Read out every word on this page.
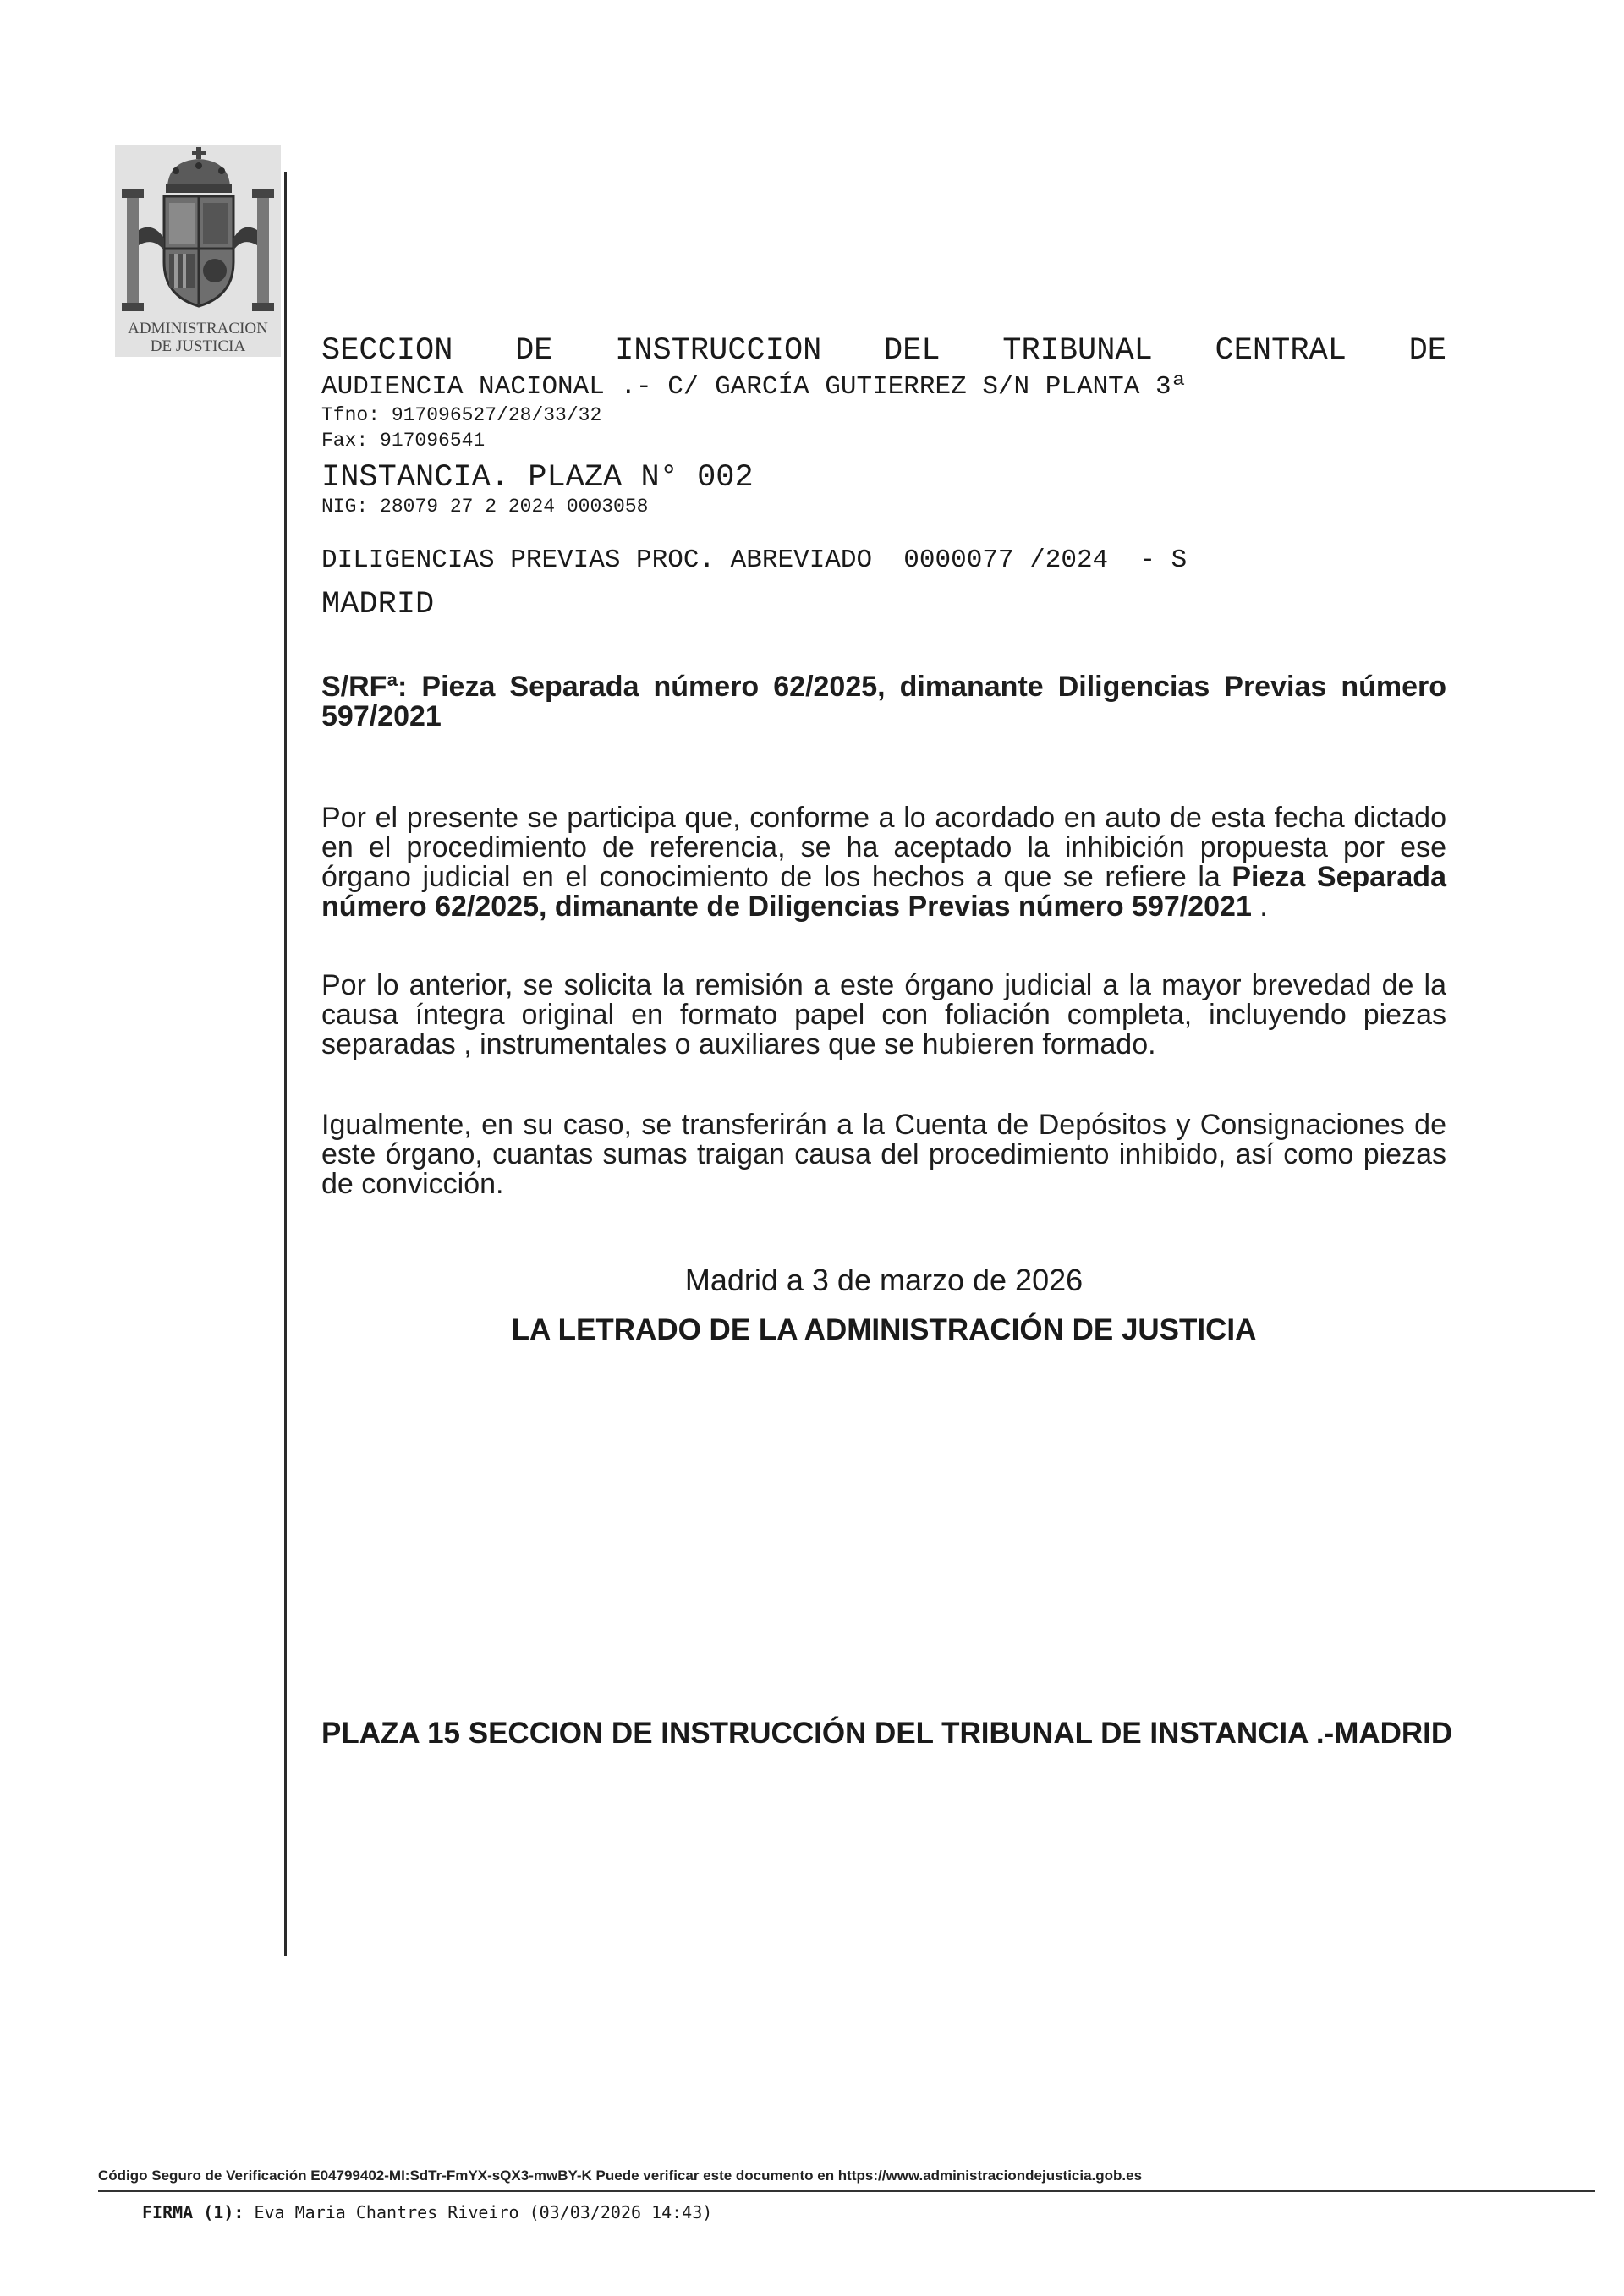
ADMINISTRACION
DE JUSTICIA

	SECCION DE INSTRUCCION DEL TRIBUNAL CENTRAL DE

INSTANCIA. PLAZA N° 002

MADRID

AUDIENCIA NACIONAL .- C/ GARCÍA GUTIERREZ S/N PLANTA 3ª
Tfno: 917096527/28/33/32
Fax: 917096541
NIG: 28079 27 2 2024 0003058
DILIGENCIAS PREVIAS PROC. ABREVIADO  0000077 /2024  - S
S/RFª: Pieza Separada número 62/2025, dimanante Diligencias Previas número 597/2021
Por el presente se participa que, conforme a lo acordado en auto de esta fecha dictado en el procedimiento de referencia, se ha aceptado la inhibición propuesta por ese órgano judicial en el conocimiento de los hechos a que se refiere la Pieza Separada número 62/2025, dimanante de Diligencias Previas número 597/2021 .
Por lo anterior, se solicita la remisión a este órgano judicial a la mayor brevedad de la causa íntegra original en formato papel con foliación completa, incluyendo piezas separadas , instrumentales o auxiliares que se hubieren formado.
Igualmente, en su caso, se transferirán a la Cuenta de Depósitos y Consignaciones de este órgano, cuantas sumas traigan causa del procedimiento inhibido, así como piezas de convicción.
Madrid a 3 de marzo de 2026
LA LETRADO DE LA ADMINISTRACIÓN DE JUSTICIA
PLAZA 15 SECCION DE INSTRUCCIÓN DEL TRIBUNAL DE INSTANCIA .-MADRID
Código Seguro de Verificación E04799402-MI:SdTr-FmYX-sQX3-mwBY-K Puede verificar este documento en https://www.administraciondejusticia.gob.es
FIRMA (1): Eva Maria Chantres Riveiro (03/03/2026 14:43)
